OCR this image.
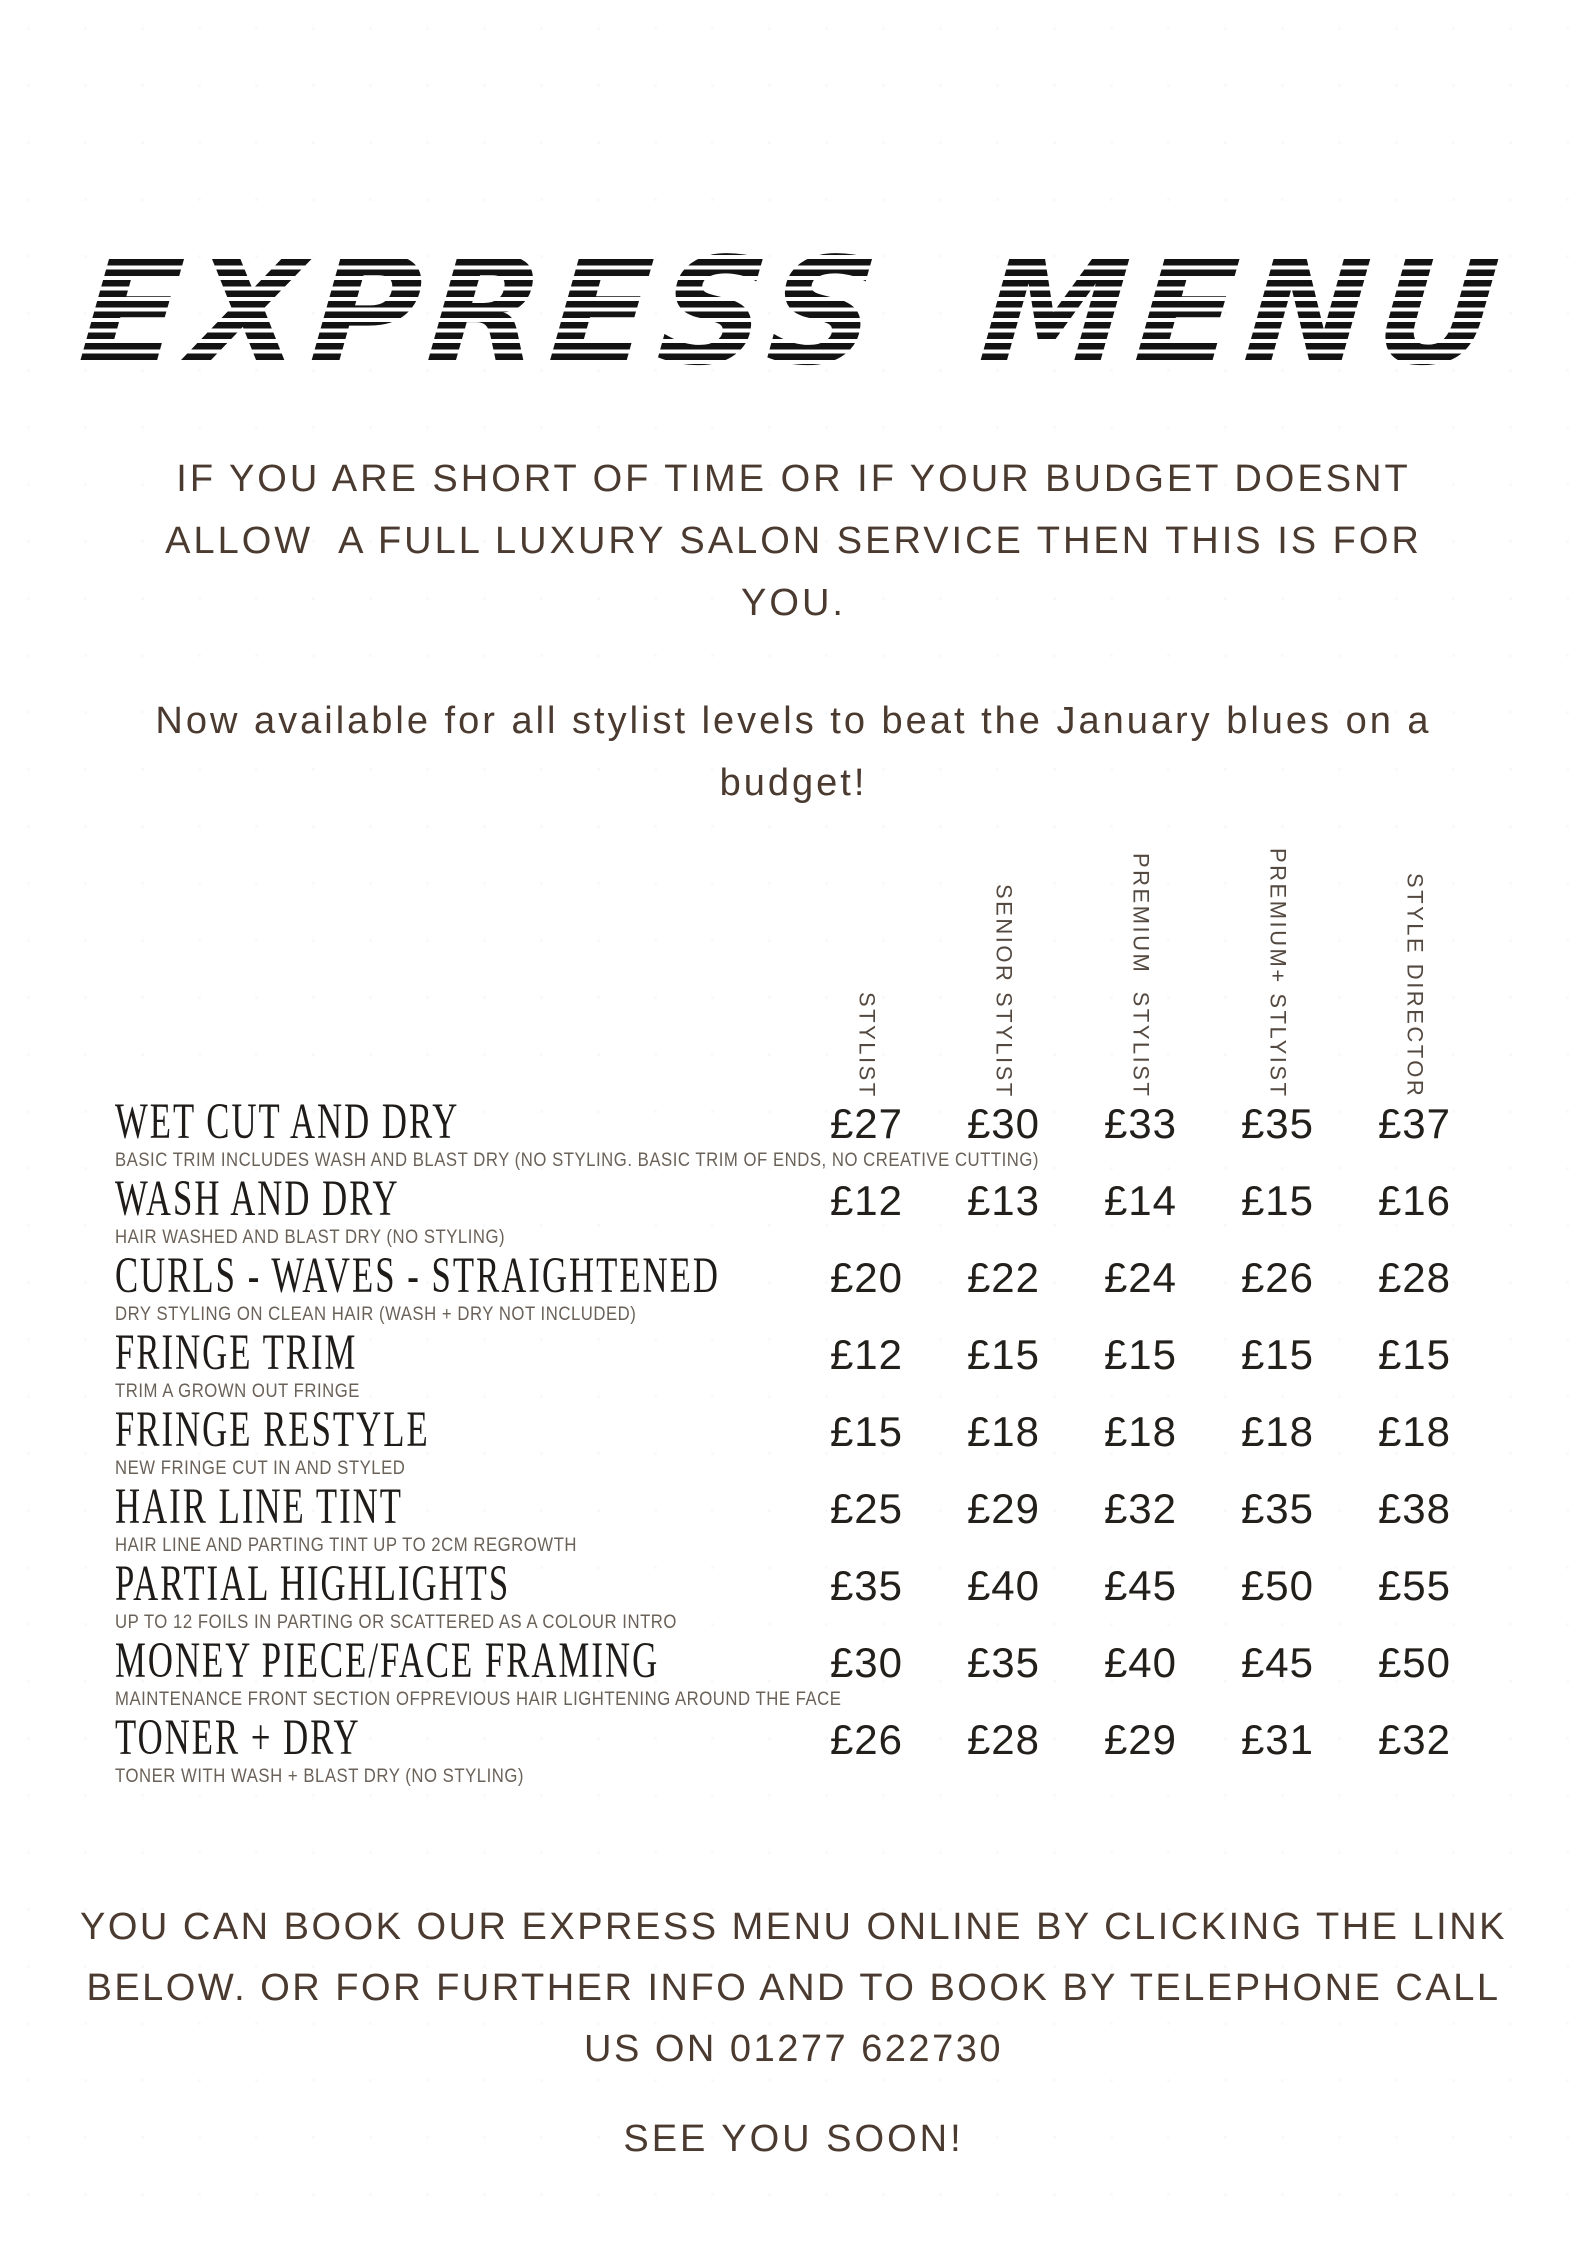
EXPRESS MENU
IF YOU ARE SHORT OF TIME OR IF YOUR BUDGET DOESNT ALLOW  A FULL LUXURY SALON SERVICE THEN THIS IS FOR YOU.
Now available for all stylist levels to beat the January blues on a budget!
STYLIST	SENIOR STYLIST	PREMIUM  STYLIST	PREMIUM+ STLYIST	STYLE DIRECTOR
WET CUT AND DRY	£27	£30	£33	£35	£37
BASIC TRIM INCLUDES WASH AND BLAST DRY (NO STYLING. BASIC TRIM OF ENDS, NO CREATIVE CUTTING)
WASH AND DRY	£12	£13	£14	£15	£16
HAIR WASHED AND BLAST DRY (NO STYLING)
CURLS - WAVES - STRAIGHTENED	£20	£22	£24	£26	£28
DRY STYLING ON CLEAN HAIR (WASH + DRY NOT INCLUDED)
FRINGE TRIM	£12	£15	£15	£15	£15
TRIM A GROWN OUT FRINGE
FRINGE RESTYLE	£15	£18	£18	£18	£18
NEW FRINGE CUT IN AND STYLED
HAIR LINE TINT	£25	£29	£32	£35	£38
HAIR LINE AND PARTING TINT UP TO 2CM REGROWTH
PARTIAL HIGHLIGHTS	£35	£40	£45	£50	£55
UP TO 12 FOILS IN PARTING OR SCATTERED AS A COLOUR INTRO
MONEY PIECE/FACE FRAMING	£30	£35	£40	£45	£50
MAINTENANCE FRONT SECTION OFPREVIOUS HAIR LIGHTENING AROUND THE FACE
TONER + DRY	£26	£28	£29	£31	£32
TONER WITH WASH + BLAST DRY (NO STYLING)
YOU CAN BOOK OUR EXPRESS MENU ONLINE BY CLICKING THE LINK BELOW. OR FOR FURTHER INFO AND TO BOOK BY TELEPHONE CALL US ON 01277 622730
SEE YOU SOON!
